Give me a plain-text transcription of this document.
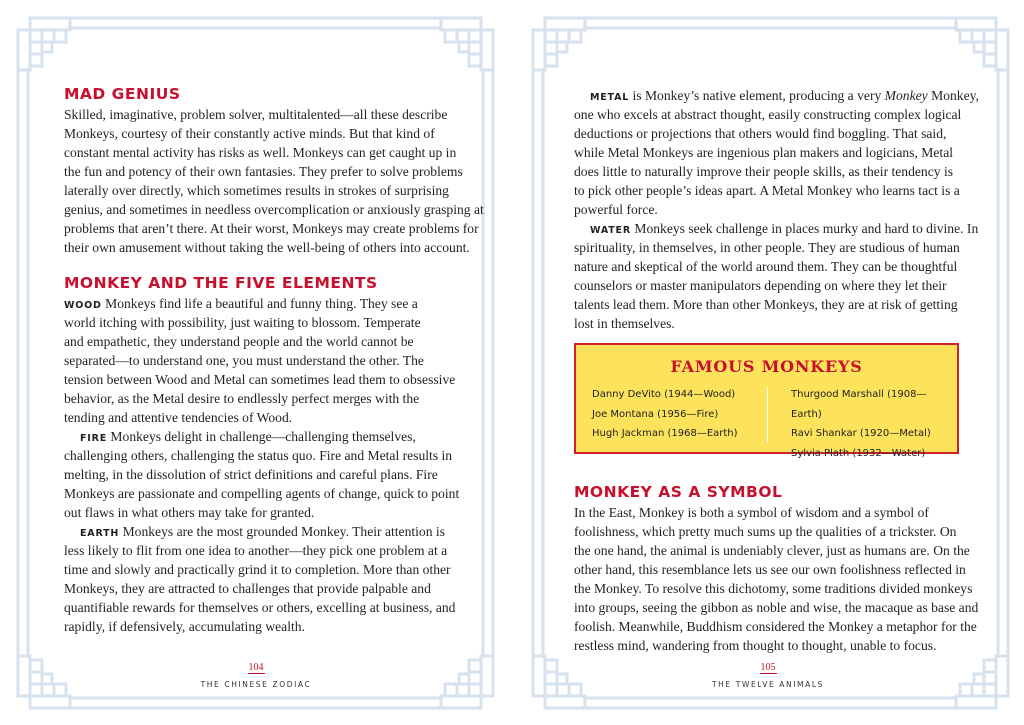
MAD GENIUS
Skilled, imaginative, problem solver, multitalented—all these describe
Monkeys, courtesy of their constantly active minds. But that kind of
constant mental activity has risks as well. Monkeys can get caught up in
the fun and potency of their own fantasies. They prefer to solve problems
laterally over directly, which sometimes results in strokes of surprising
genius, and sometimes in needless overcomplication or anxiously grasping at
problems that aren’t there. At their worst, Monkeys may create problems for
their own amusement without taking the well-being of others into account.
MONKEY AND THE FIVE ELEMENTS
WOOD Monkeys find life a beautiful and funny thing. They see a
world itching with possibility, just waiting to blossom. Temperate
and empathetic, they understand people and the world cannot be
separated—to understand one, you must understand the other. The
tension between Wood and Metal can sometimes lead them to obsessive
behavior, as the Metal desire to endlessly perfect merges with the
tending and attentive tendencies of Wood.
FIRE Monkeys delight in challenge—challenging themselves,
challenging others, challenging the status quo. Fire and Metal results in
melting, in the dissolution of strict definitions and careful plans. Fire
Monkeys are passionate and compelling agents of change, quick to point
out flaws in what others may take for granted.
EARTH Monkeys are the most grounded Monkey. Their attention is
less likely to flit from one idea to another—they pick one problem at a
time and slowly and practically grind it to completion. More than other
Monkeys, they are attracted to challenges that provide palpable and
quantifiable rewards for themselves or others, excelling at business, and
rapidly, if defensively, accumulating wealth.
104
THE CHINESE ZODIAC
METAL is Monkey’s native element, producing a very Monkey Monkey,
one who excels at abstract thought, easily constructing complex logical
deductions or projections that others would find boggling. That said,
while Metal Monkeys are ingenious plan makers and logicians, Metal
does little to naturally improve their people skills, as their tendency is
to pick other people’s ideas apart. A Metal Monkey who learns tact is a
powerful force.
WATER Monkeys seek challenge in places murky and hard to divine. In
spirituality, in themselves, in other people. They are studious of human
nature and skeptical of the world around them. They can be thoughtful
counselors or master manipulators depending on where they let their
talents lead them. More than other Monkeys, they are at risk of getting
lost in themselves.
MONKEY AS A SYMBOL
In the East, Monkey is both a symbol of wisdom and a symbol of
foolishness, which pretty much sums up the qualities of a trickster. On
the one hand, the animal is undeniably clever, just as humans are. On the
other hand, this resemblance lets us see our own foolishness reflected in
the Monkey. To resolve this dichotomy, some traditions divided monkeys
into groups, seeing the gibbon as noble and wise, the macaque as base and
foolish. Meanwhile, Buddhism considered the Monkey a metaphor for the
restless mind, wandering from thought to thought, unable to focus.
105
THE TWELVE ANIMALS
FAMOUS MONKEYS
Danny DeVito (1944—Wood)
Joe Montana (1956—Fire)
Hugh Jackman (1968—Earth)
Thurgood Marshall (1908—Earth)
Ravi Shankar (1920—Metal)
Sylvia Plath (1932—Water)
